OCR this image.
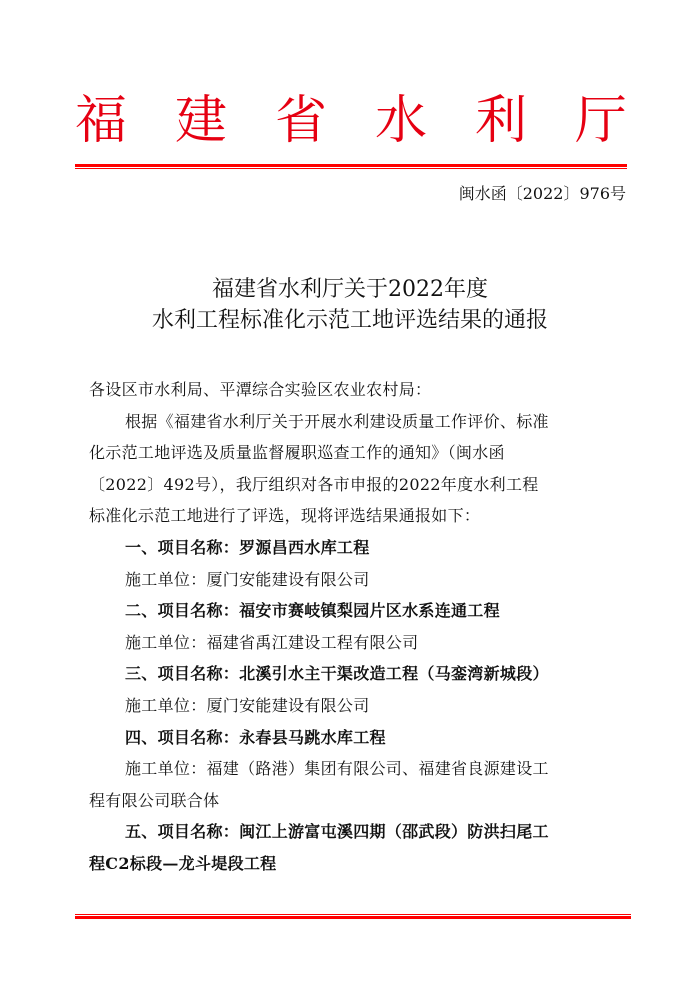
福 建 省 水 利 厅
闽水函〔2022〕976号
福建省水利厅关于2022年度
水利工程标准化示范工地评选结果的通报
各设区市水利局、平潭综合实验区农业农村局：
根据《福建省水利厅关于开展水利建设质量工作评价、标准
化示范工地评选及质量监督履职巡查工作的通知》（闽水函
〔2022〕492号），我厅组织对各市申报的2022年度水利工程
标准化示范工地进行了评选，现将评选结果通报如下：
一、项目名称：罗源昌西水库工程
施工单位：厦门安能建设有限公司
二、项目名称：福安市赛岐镇梨园片区水系连通工程
施工单位：福建省禹江建设工程有限公司
三、项目名称：北溪引水主干渠改造工程（马銮湾新城段）
施工单位：厦门安能建设有限公司
四、项目名称：永春县马跳水库工程
施工单位：福建（路港）集团有限公司、福建省良源建设工
程有限公司联合体
五、项目名称：闽江上游富屯溪四期（邵武段）防洪扫尾工
程C2标段—龙斗堤段工程
